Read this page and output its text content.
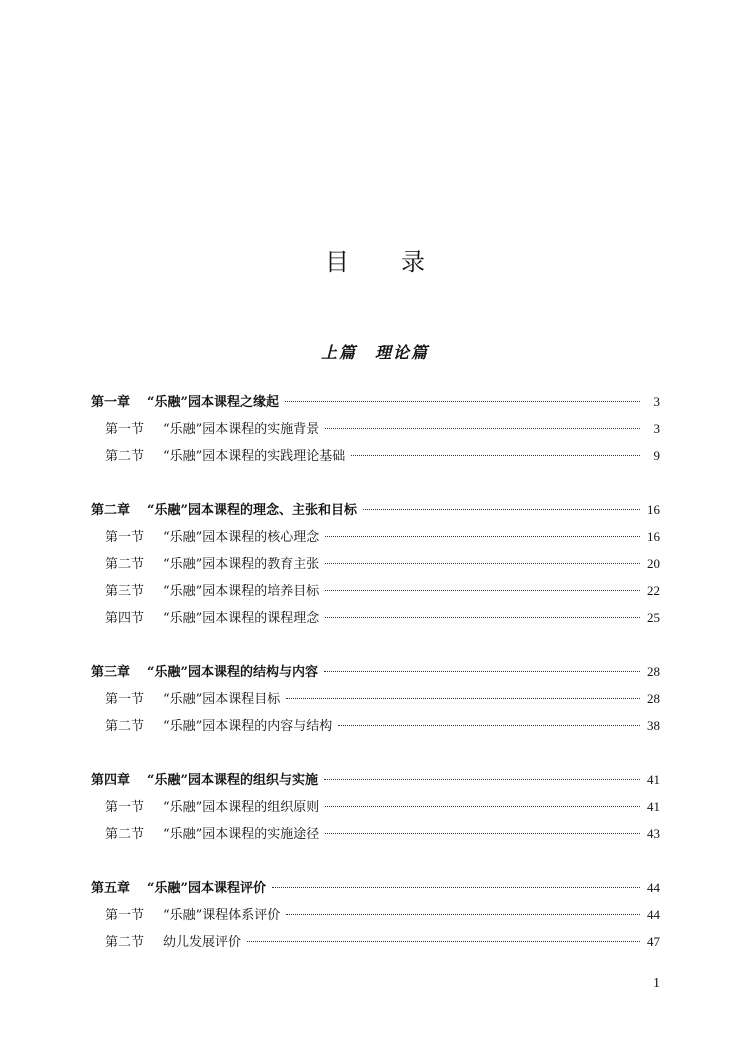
目录
上篇　理论篇
第一章	“乐融”园本课程之缘起	3
第一节	“乐融”园本课程的实施背景	3
第二节	“乐融”园本课程的实践理论基础	9
第二章	“乐融”园本课程的理念、主张和目标	16
第一节	“乐融”园本课程的核心理念	16
第二节	“乐融”园本课程的教育主张	20
第三节	“乐融”园本课程的培养目标	22
第四节	“乐融”园本课程的课程理念	25
第三章	“乐融”园本课程的结构与内容	28
第一节	“乐融”园本课程目标	28
第二节	“乐融”园本课程的内容与结构	38
第四章	“乐融”园本课程的组织与实施	41
第一节	“乐融”园本课程的组织原则	41
第二节	“乐融”园本课程的实施途径	43
第五章	“乐融”园本课程评价	44
第一节	“乐融”课程体系评价	44
第二节	幼儿发展评价	47
1
